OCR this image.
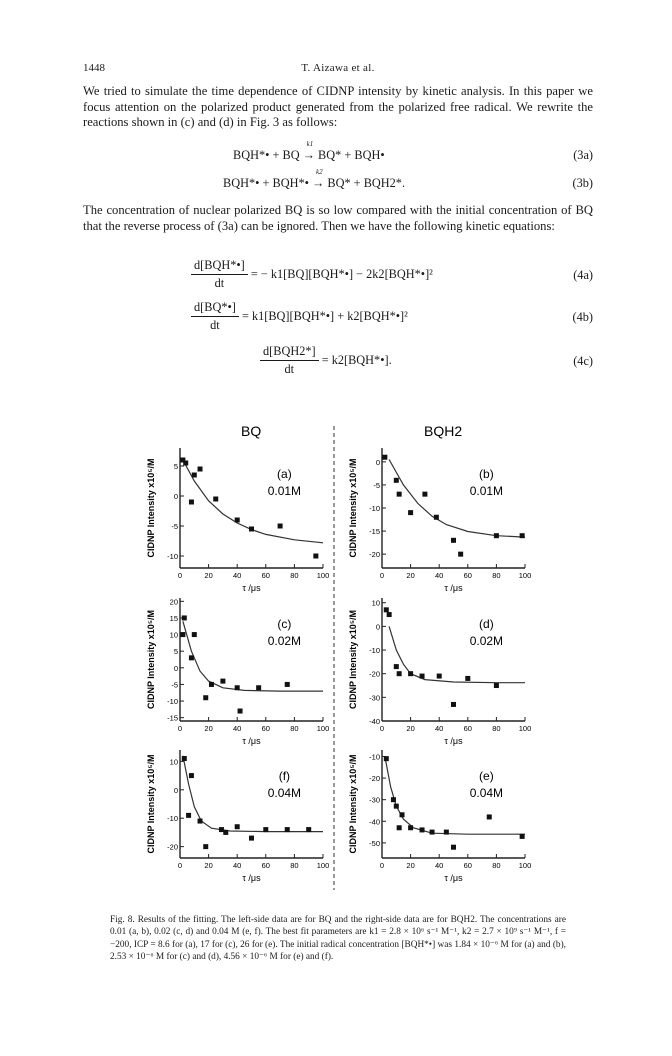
1448	T. Aizawa et al.
We tried to simulate the time dependence of CIDNP intensity by kinetic analysis. In this paper we focus attention on the polarized product generated from the polarized free radical. We rewrite the reactions shown in (c) and (d) in Fig. 3 as follows:
BQH*• + BQ
k1
→ BQ* + BQH•	(3a)
BQH*• + BQH*•
k2
→ BQ* + BQH2*.	(3b)
The concentration of nuclear polarized BQ is so low compared with the initial concentration of BQ that the reverse process of (3a) can be ignored. Then we have the following kinetic equations:
$\frac{\text{d[BQH*•]}}{dt}$ = − k1[BQ][BQH*•] − 2k2[BQH*•]²	(4a)
$\frac{d[BQ*•]}{dt}$ = k1[BQ][BQH*•] + k2[BQH*•]²	(4b)
$\frac{\text{d[BQH2*]}}{dt}$ = k2[BQH*•].	(4c)
BQ	BQH2
0	20	40	60	80 100
5
0
-5
-10
CIDNP Intensity x10⁵/M
τ /μs
(a)
0.01M
0	20	40	60	80 100
0
-5
-10
-15
-20
CIDNP Intensity x10⁵/M
τ /μs
(b)
0.01M
0	20	40	60	80 100
20
15
10
5
0
-5
-10
-15
CIDNP Intensity x10⁵/M
τ /μs
(c)
0.02M
0	20	40	60	80 100
10
0
-10
-20
-30
-40
CIDNP Intensity x10⁵/M
τ /μs
(d)
0.02M
0	20	40	60	80 100
10
0
-10
-20
CIDNP Intensity x10⁵/M
τ /μs
(f)
0.04M
0	20	40	60	80 100
-10
-20
-30
-40
-50
CIDNP Intensity x10⁵/M
τ /μs
(e)
0.04M
Fig. 8. Results of the fitting. The left-side data are for BQ and the right-side data are for BQH2. The concentrations are 0.01 (a, b), 0.02 (c, d) and 0.04 M (e, f). The best fit parameters are k1 = 2.8 × 10⁶ s⁻¹ M⁻¹, k2 = 2.7 × 10⁹ s⁻¹ M⁻¹, f = −200, ICP = 8.6 for (a), 17 for (c), 26 for (e). The initial radical concentration [BQH*•] was 1.84 × 10⁻⁶ M for (a) and (b), 2.53 × 10⁻⁶ M for (c) and (d), 4.56 × 10⁻⁶ M for (e) and (f).
